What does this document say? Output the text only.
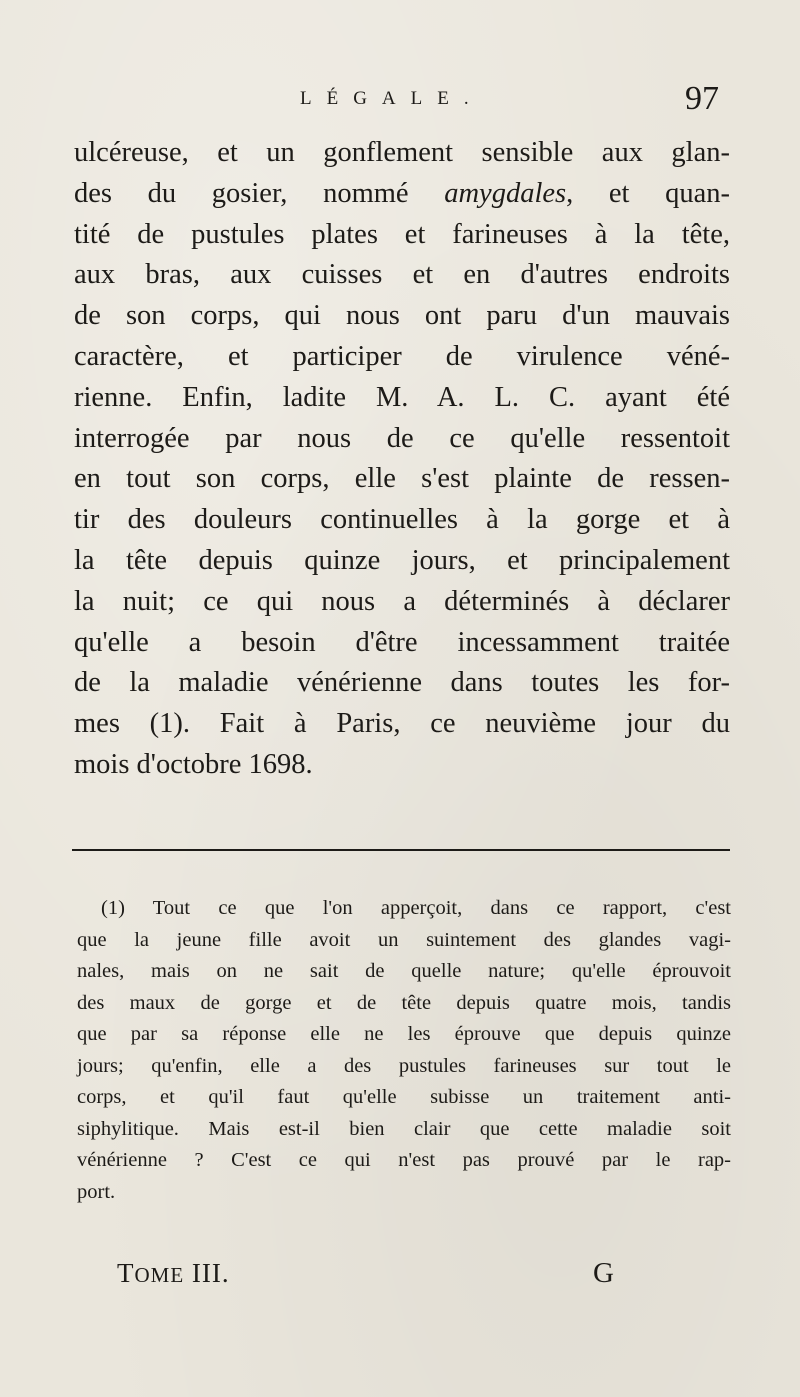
LÉGALE.	97
ulcéreuse, et un gonflement sensible aux glan-
des du gosier, nommé amygdales, et quan-
tité de pustules plates et farineuses à la tête,
aux bras, aux cuisses et en d'autres endroits
de son corps, qui nous ont paru d'un mauvais
caractère, et participer de virulence véné-
rienne. Enfin, ladite M. A. L. C. ayant été
interrogée par nous de ce qu'elle ressentoit
en tout son corps, elle s'est plainte de ressen-
tir des douleurs continuelles à la gorge et à
la tête depuis quinze jours, et principalement
la nuit; ce qui nous a déterminés à déclarer
qu'elle a besoin d'être incessamment traitée
de la maladie vénérienne dans toutes les for-
mes (1). Fait à Paris, ce neuvième jour du
mois d'octobre 1698.
(1) Tout ce que l'on apperçoit, dans ce rapport, c'est
que la jeune fille avoit un suintement des glandes vagi-
nales, mais on ne sait de quelle nature; qu'elle éprouvoit
des maux de gorge et de tête depuis quatre mois, tandis
que par sa réponse elle ne les éprouve que depuis quinze
jours; qu'enfin, elle a des pustules farineuses sur tout le
corps, et qu'il faut qu'elle subisse un traitement anti-
siphylitique. Mais est-il bien clair que cette maladie soit
vénérienne ? C'est ce qui n'est pas prouvé par le rap-
port.
TOME III.	G
